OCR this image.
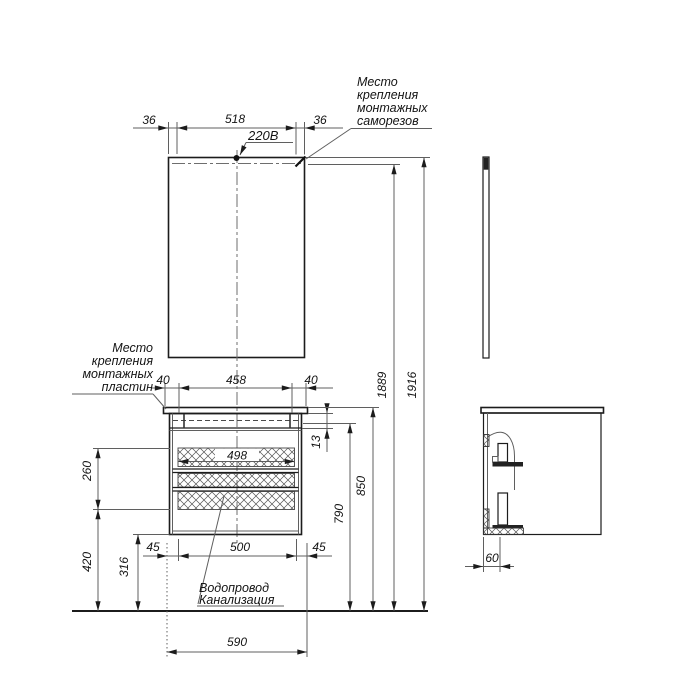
36	518	36
220В
40	458	40
498
13
260
420 316
45	500	45
590
790
850
1889 1916
60
Место
крепления
монтажных
саморезов
Место
крепления
монтажных
пластин
Водопровод
Канализация
